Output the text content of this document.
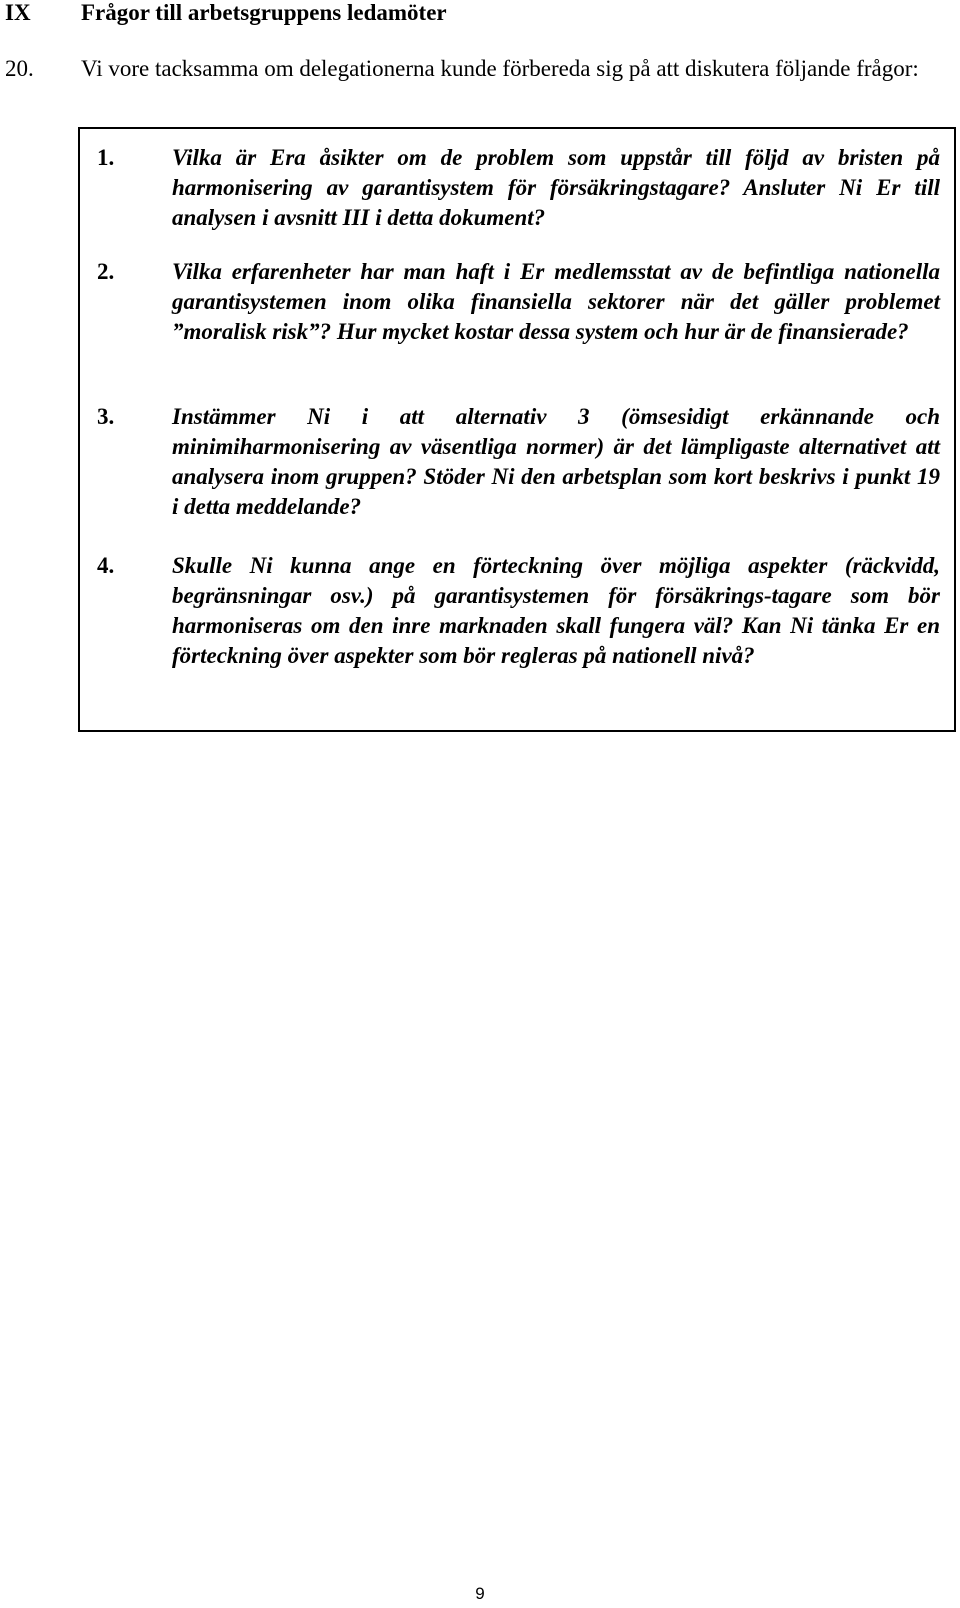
IX Frågor till arbetsgruppens ledamöter
20. Vi vore tacksamma om delegationerna kunde förbereda sig på att diskutera följande frågor:
1.	Vilka är Era åsikter om de problem som uppstår till följd av bristen på harmonisering av garantisystem för försäkringstagare? Ansluter Ni Er till analysen i avsnitt III i detta dokument?
2.	Vilka erfarenheter har man haft i Er medlemsstat av de befintliga nationella garantisystemen inom olika finansiella sektorer när det gäller problemet ”moralisk risk”? Hur mycket kostar dessa system och hur är de finansierade?
3.	Instämmer Ni i att alternativ 3 (ömsesidigt erkännande och minimiharmonisering av väsentliga normer) är det lämpligaste alternativet att analysera inom gruppen? Stöder Ni den arbetsplan som kort beskrivs i punkt 19 i detta meddelande?
4.	Skulle Ni kunna ange en förteckning över möjliga aspekter (räckvidd, begränsningar osv.) på garantisystemen för försäkrings-tagare som bör harmoniseras om den inre marknaden skall fungera väl? Kan Ni tänka Er en förteckning över aspekter som bör regleras på nationell nivå?
9
